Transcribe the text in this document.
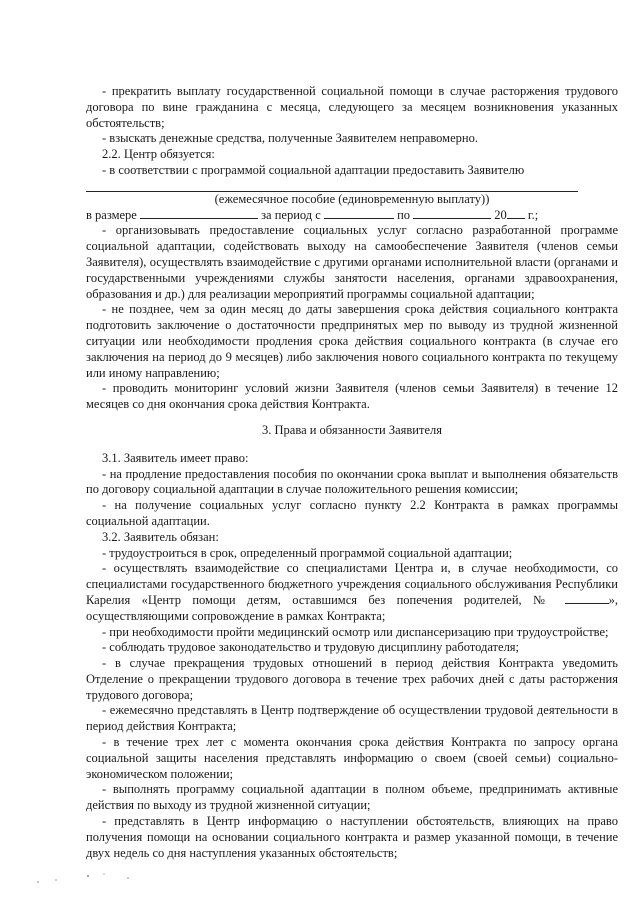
- прекратить выплату государственной социальной помощи в случае расторжения трудового договора по вине гражданина с месяца, следующего за месяцем возникновения указанных обстоятельств;

- взыскать денежные средства, полученные Заявителем неправомерно.

2.2. Центр обязуется:

- в соответствии с программой социальной адаптации предоставить Заявителю

(ежемесячное пособие (единовременную выплату))

в размере	за период с	по	20 г.;

- организовывать предоставление социальных услуг согласно разработанной программе социальной адаптации, содействовать выходу на самообеспечение Заявителя (членов семьи Заявителя), осуществлять взаимодействие с другими органами исполнительной власти (органами и государственными учреждениями службы занятости населения, органами здравоохранения, образования и др.) для реализации мероприятий программы социальной адаптации;

- не позднее, чем за один месяц до даты завершения срока действия социального контракта подготовить заключение о достаточности предпринятых мер по выводу из трудной жизненной ситуации или необходимости продления срока действия социального контракта (в случае его заключения на период до 9 месяцев) либо заключения нового социального контракта по текущему или иному направлению;

- проводить мониторинг условий жизни Заявителя (членов семьи Заявителя) в течение 12 месяцев со дня окончания срока действия Контракта.

3. Права и обязанности Заявителя

3.1. Заявитель имеет право:

- на продление предоставления пособия по окончании срока выплат и выполнения обязательств по договору социальной адаптации в случае положительного решения комиссии;

- на получение социальных услуг согласно пункту 2.2 Контракта в рамках программы социальной адаптации.

3.2. Заявитель обязан:

- трудоустроиться в срок, определенный программой социальной адаптации;

- осуществлять взаимодействие со специалистами Центра и, в случае необходимости, со специалистами государственного бюджетного учреждения социального обслуживания Республики Карелия «Центр помощи детям, оставшимся без попечения родителей, №	», осуществляющими сопровождение в рамках Контракта;

- при необходимости пройти медицинский осмотр или диспансеризацию при трудоустройстве;

- соблюдать трудовое законодательство и трудовую дисциплину работодателя;

- в случае прекращения трудовых отношений в период действия Контракта уведомить Отделение о прекращении трудового договора в течение трех рабочих дней с даты расторжения трудового договора;

- ежемесячно представлять в Центр подтверждение об осуществлении трудовой деятельности в период действия Контракта;

- в течение трех лет с момента окончания срока действия Контракта по запросу органа социальной защиты населения представлять информацию о своем (своей семьи) социально-экономическом положении;

- выполнять программу социальной адаптации в полном объеме, предпринимать активные действия по выходу из трудной жизненной ситуации;

- представлять в Центр информацию о наступлении обстоятельств, влияющих на право получения помощи на основании социального контракта и размер указанной помощи, в течение двух недель со дня наступления указанных обстоятельств;
